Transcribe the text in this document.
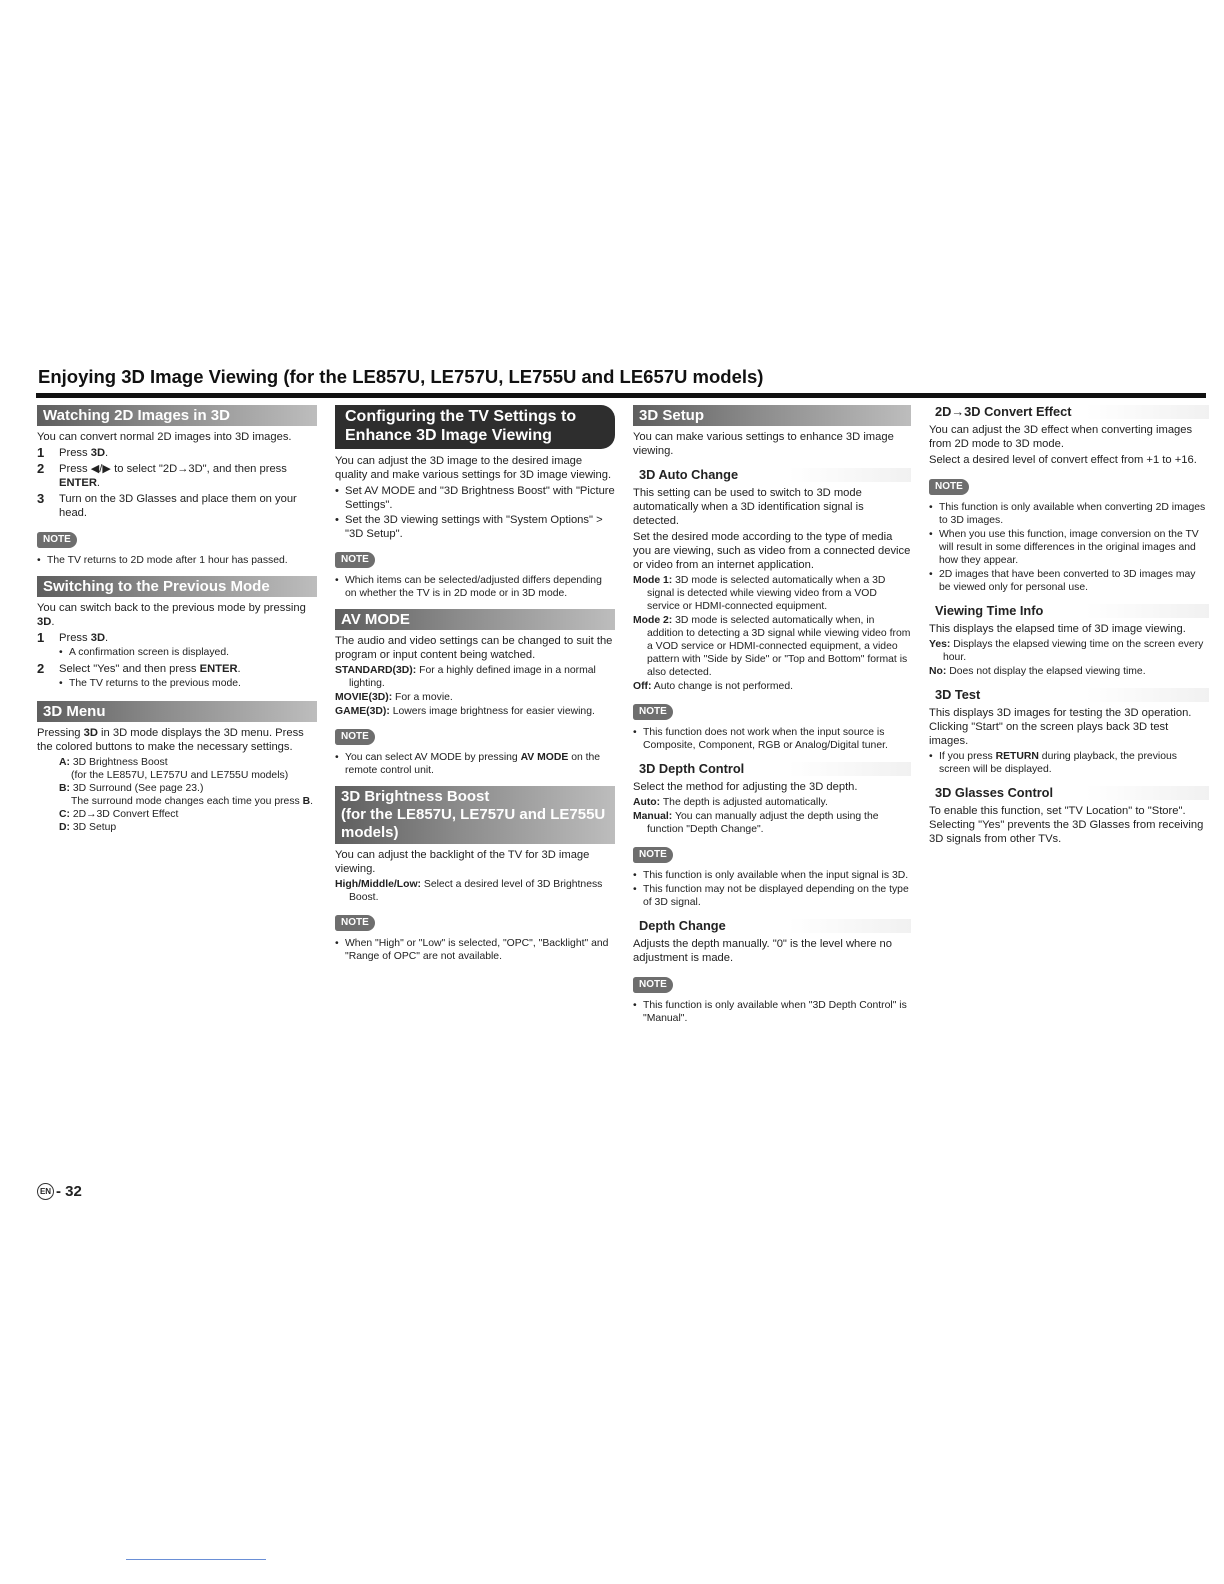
Enjoying 3D Image Viewing (for the LE857U, LE757U, LE755U and LE657U models)
Watching 2D Images in 3D

You can convert normal 2D images into 3D images.

1	Press 3D.
2	Press ◀/▶ to select "2D→3D", and then press ENTER.
3	Turn on the 3D Glasses and place them on your head.
NOTE
• The TV returns to 2D mode after 1 hour has passed.
Switching to the Previous Mode

You can switch back to the previous mode by pressing 3D.

1	Press 3D.
• A confirmation screen is displayed.
2	Select "Yes" and then press ENTER.
• The TV returns to the previous mode.
3D Menu

Pressing 3D in 3D mode displays the 3D menu. Press the colored buttons to make the necessary settings.

A: 3D Brightness Boost
(for the LE857U, LE757U and LE755U models)
B: 3D Surround (See page 23.)
The surround mode changes each time you press B.
C: 2D→3D Convert Effect
D: 3D Setup
Configuring the TV Settings to
Enhance 3D Image Viewing

You can adjust the 3D image to the desired image quality and make various settings for 3D image viewing.

• Set AV MODE and "3D Brightness Boost" with "Picture Settings".
• Set the 3D viewing settings with "System Options" > "3D Setup".
NOTE
• Which items can be selected/adjusted differs depending on whether the TV is in 2D mode or in 3D mode.
AV MODE

The audio and video settings can be changed to suit the program or input content being watched.

STANDARD(3D): For a highly defined image in a normal lighting.
MOVIE(3D): For a movie.
GAME(3D): Lowers image brightness for easier viewing.
NOTE
• You can select AV MODE by pressing AV MODE on the remote control unit.
3D Brightness Boost
(for the LE857U, LE757U and LE755U models)

You can adjust the backlight of the TV for 3D image viewing.

High/Middle/Low: Select a desired level of 3D Brightness Boost.
NOTE
• When "High" or "Low" is selected, "OPC", "Backlight" and "Range of OPC" are not available.
3D Setup

You can make various settings to enhance 3D image viewing.

3D Auto Change

This setting can be used to switch to 3D mode automatically when a 3D identification signal is detected.

Set the desired mode according to the type of media you are viewing, such as video from a connected device or video from an internet application.

Mode 1: 3D mode is selected automatically when a 3D signal is detected while viewing video from a VOD service or HDMI-connected equipment.
Mode 2: 3D mode is selected automatically when, in addition to detecting a 3D signal while viewing video from a VOD service or HDMI-connected equipment, a video pattern with "Side by Side" or "Top and Bottom" format is also detected.
Off: Auto change is not performed.
NOTE
• This function does not work when the input source is Composite, Component, RGB or Analog/Digital tuner.
3D Depth Control

Select the method for adjusting the 3D depth.

Auto: The depth is adjusted automatically.
Manual: You can manually adjust the depth using the function "Depth Change".
NOTE
• This function is only available when the input signal is 3D.
• This function may not be displayed depending on the type of 3D signal.
Depth Change

Adjusts the depth manually. "0" is the level where no adjustment is made.

NOTE
• This function is only available when "3D Depth Control" is "Manual".
2D→3D Convert Effect

You can adjust the 3D effect when converting images from 2D mode to 3D mode.

Select a desired level of convert effect from +1 to +16.

NOTE
• This function is only available when converting 2D images to 3D images.
• When you use this function, image conversion on the TV will result in some differences in the original images and how they appear.
• 2D images that have been converted to 3D images may be viewed only for personal use.
Viewing Time Info

This displays the elapsed time of 3D image viewing.

Yes: Displays the elapsed viewing time on the screen every hour.
No: Does not display the elapsed viewing time.
3D Test

This displays 3D images for testing the 3D operation. Clicking "Start" on the screen plays back 3D test images.

• If you press RETURN during playback, the previous screen will be displayed.
3D Glasses Control

To enable this function, set "TV Location" to "Store". Selecting "Yes" prevents the 3D Glasses from receiving 3D signals from other TVs.

EN - 32
